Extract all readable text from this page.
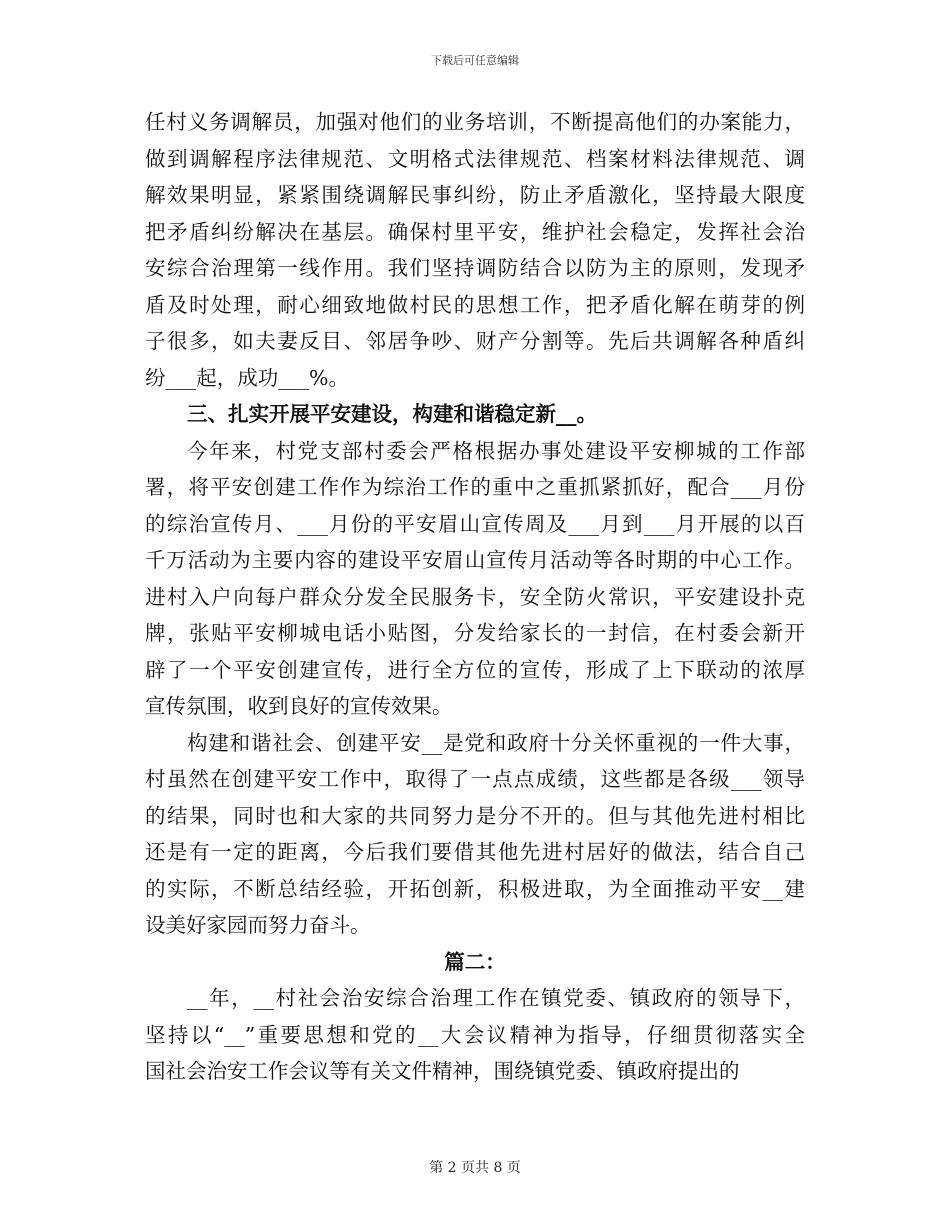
下载后可任意编辑
任村义务调解员，加强对他们的业务培训，不断提高他们的办案能力，
做到调解程序法律规范、文明格式法律规范、档案材料法律规范、调
解效果明显，紧紧围绕调解民事纠纷，防止矛盾激化，坚持最大限度
把矛盾纠纷解决在基层。确保村里平安，维护社会稳定，发挥社会治
安综合治理第一线作用。我们坚持调防结合以防为主的原则，发现矛
盾及时处理，耐心细致地做村民的思想工作，把矛盾化解在萌芽的例
子很多，如夫妻反目、邻居争吵、财产分割等。先后共调解各种盾纠
纷___起，成功___%。
三、扎实开展平安建设，构建和谐稳定新__。
今年来，村党支部村委会严格根据办事处建设平安柳城的工作部
署，将平安创建工作作为综治工作的重中之重抓紧抓好，配合___月份
的综治宣传月、___月份的平安眉山宣传周及___月到___月开展的以百
千万活动为主要内容的建设平安眉山宣传月活动等各时期的中心工作。
进村入户向每户群众分发全民服务卡，安全防火常识，平安建设扑克
牌，张贴平安柳城电话小贴图，分发给家长的一封信，在村委会新开
辟了一个平安创建宣传，进行全方位的宣传，形成了上下联动的浓厚
宣传氛围，收到良好的宣传效果。
构建和谐社会、创建平安__是党和政府十分关怀重视的一件大事，
村虽然在创建平安工作中，取得了一点点成绩，这些都是各级___领导
的结果，同时也和大家的共同努力是分不开的。但与其他先进村相比
还是有一定的距离，今后我们要借其他先进村居好的做法，结合自己
的实际，不断总结经验，开拓创新，积极进取，为全面推动平安__建
设美好家园而努力奋斗。
篇二：
__年，__村社会治安综合治理工作在镇党委、镇政府的领导下，
坚持以“__”重要思想和党的__大会议精神为指导，仔细贯彻落实全
国社会治安工作会议等有关文件精神，围绕镇党委、镇政府提出的
第 2 页共 8 页
